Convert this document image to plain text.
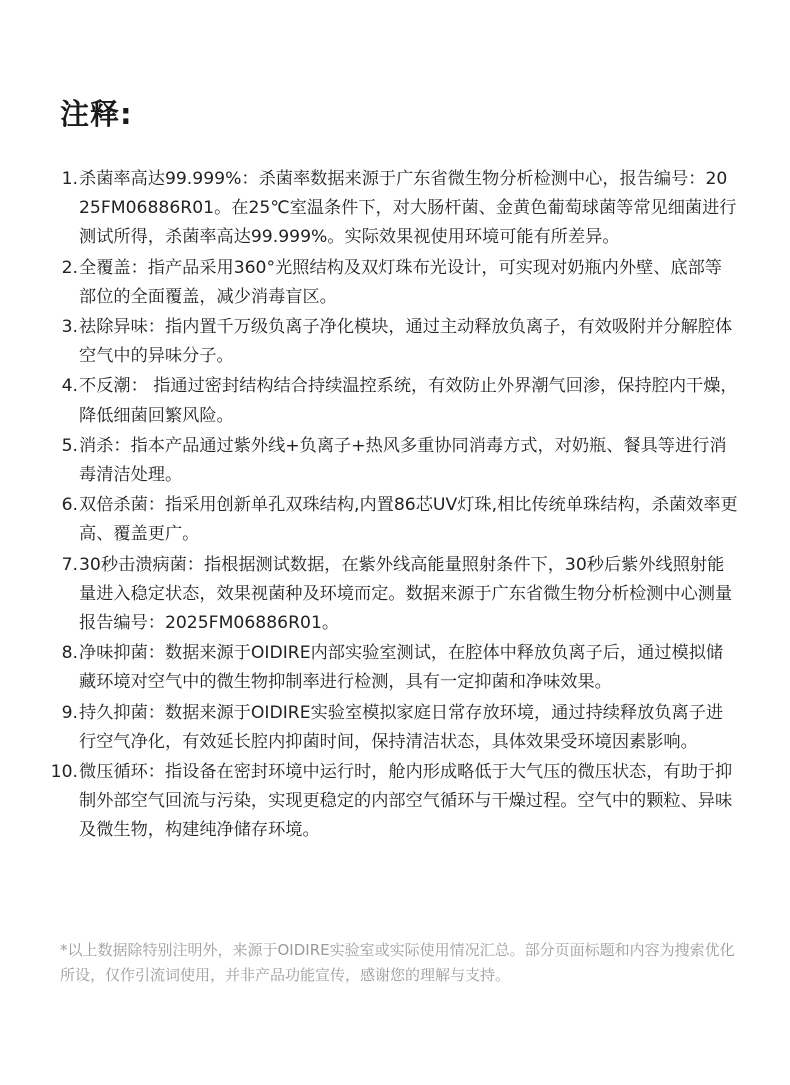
注释:
1. 杀菌率高达99.999%：杀菌率数据来源于广东省微生物分析检测中心，报告编号：2025FM06886R01。在25℃室温条件下，对大肠杆菌、金黄色葡萄球菌等常见细菌进行测试所得，杀菌率高达99.999%。实际效果视使用环境可能有所差异。
2. 全覆盖：指产品采用360°光照结构及双灯珠布光设计，可实现对奶瓶内外壁、底部等部位的全面覆盖，减少消毒盲区。
3. 祛除异味：指内置千万级负离子净化模块，通过主动释放负离子，有效吸附并分解腔体空气中的异味分子。
4. 不反潮： 指通过密封结构结合持续温控系统，有效防止外界潮气回渗，保持腔内干燥，降低细菌回繁风险。
5. 消杀：指本产品通过紫外线+负离子+热风多重协同消毒方式，对奶瓶、餐具等进行消毒清洁处理。
6. 双倍杀菌：指采用创新单孔双珠结构,内置86芯UV灯珠,相比传统单珠结构，杀菌效率更高、覆盖更广。
7. 30秒击溃病菌：指根据测试数据，在紫外线高能量照射条件下，30秒后紫外线照射能量进入稳定状态，效果视菌种及环境而定。数据来源于广东省微生物分析检测中心测量报告编号：2025FM06886R01。
8. 净味抑菌：数据来源于OIDIRE内部实验室测试，在腔体中释放负离子后，通过模拟储藏环境对空气中的微生物抑制率进行检测，具有一定抑菌和净味效果。
9. 持久抑菌：数据来源于OIDIRE实验室模拟家庭日常存放环境，通过持续释放负离子进行空气净化，有效延长腔内抑菌时间，保持清洁状态，具体效果受环境因素影响。
10. 微压循环：指设备在密封环境中运行时，舱内形成略低于大气压的微压状态，有助于抑制外部空气回流与污染，实现更稳定的内部空气循环与干燥过程。空气中的颗粒、异味及微生物，构建纯净储存环境。

*以上数据除特别注明外，来源于OIDIRE实验室或实际使用情况汇总。部分页面标题和内容为搜索优化所设，仅作引流词使用，并非产品功能宣传，感谢您的理解与支持。
